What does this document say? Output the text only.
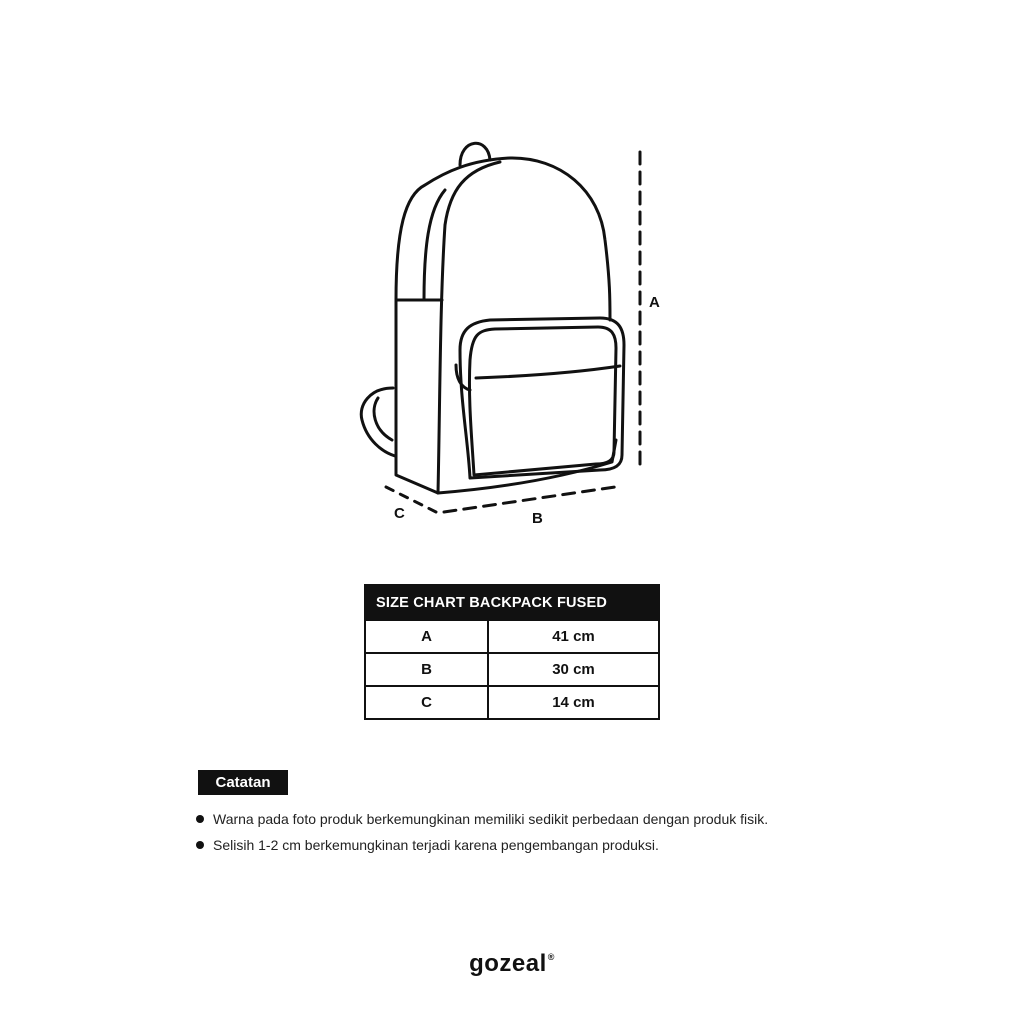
A
B
C
SIZE CHART BACKPACK FUSED	
A	41 cm
B	30 cm
C	14 cm
Catatan
Warna pada foto produk berkemungkinan memiliki sedikit perbedaan dengan produk fisik.
Selisih 1-2 cm berkemungkinan terjadi karena pengembangan produksi.
gozeal®
